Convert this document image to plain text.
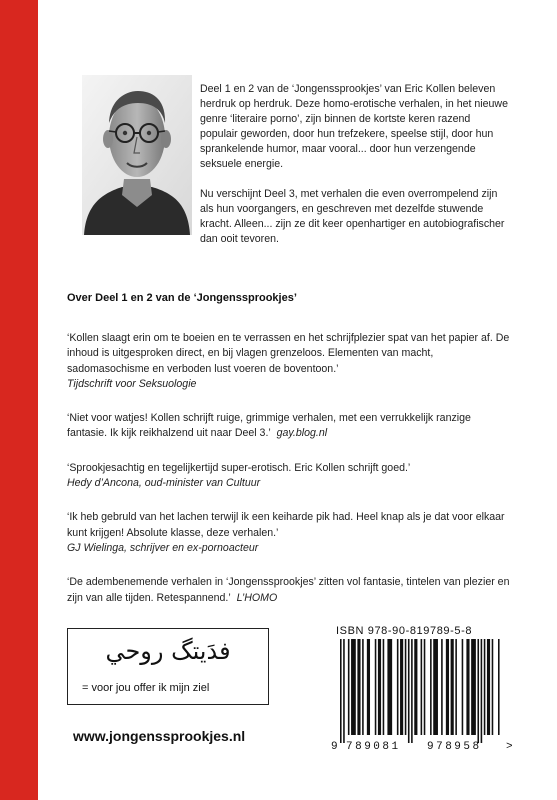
Deel 1 en 2 van de ‘Jongenssprookjes’ van Eric Kollen beleven herdruk op herdruk. Deze homo-erotische verhalen, in het nieuwe genre ‘literaire porno’, zijn binnen de kortste keren razend populair geworden, door hun trefzekere, speelse stijl, door hun sprankelende humor, maar vooral... door hun verzengende seksuele energie.

Nu verschijnt Deel 3, met verhalen die even overrompelend zijn als hun voorgangers, en geschreven met dezelfde stuwende kracht. Alleen... zijn ze dit keer openhartiger en autobiografischer dan ooit tevoren.

Over Deel 1 en 2 van de ‘Jongenssprookjes’
‘Kollen slaagt erin om te boeien en te verrassen en het schrijfplezier spat van het papier af. De inhoud is uitgesproken direct, en bij vlagen grenzeloos. Elementen van macht, sadomasochisme en verboden lust voeren de boventoon.’
Tijdschrift voor Seksuologie
‘Niet voor watjes! Kollen schrijft ruige, grimmige verhalen, met een verrukkelijk ranzige fantasie. Ik kijk reikhalzend uit naar Deel 3.’ gay.blog.nl
‘Sprookjesachtig en tegelijkertijd super-erotisch. Eric Kollen schrijft goed.’
Hedy d’Ancona, oud-minister van Cultuur
‘Ik heb gebruld van het lachen terwijl ik een keiharde pik had. Heel knap als je dat voor elkaar kunt krijgen! Absolute klasse, deze verhalen.’
GJ Wielinga, schrijver en ex-pornoacteur
‘De adembenemende verhalen in ‘Jongenssprookjes’ zitten vol fantasie, tintelen van plezier en zijn van alle tijden. Retespannend.’ L’HOMO
فدَیتگ روحي
= voor jou offer ik mijn ziel
www.jongenssprookjes.nl
ISBN 978-90-819789-5-8
9 789081 978958 >
